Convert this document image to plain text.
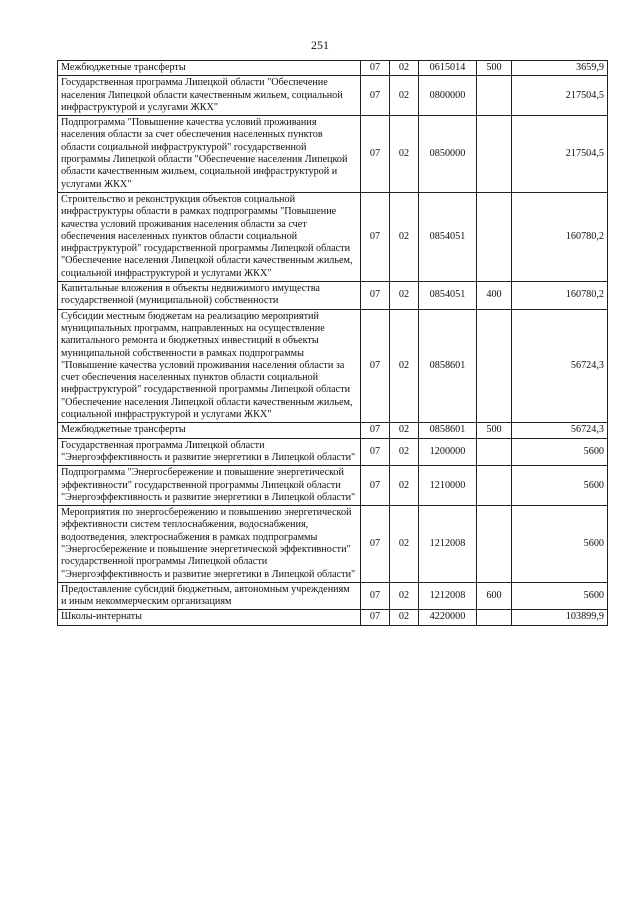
251
Межбюджетные трансферты	07	02	0615014	500	3659,9
Государственная программа Липецкой области "Обеспечение населения Липецкой области качественным жильем, социальной инфраструктурой и услугами ЖКХ"	07	02	0800000		217504,5
Подпрограмма "Повышение качества условий проживания населения области за счет обеспечения населенных пунктов области социальной инфраструктурой" государственной программы Липецкой области "Обеспечение населения Липецкой области качественным жильем, социальной инфраструктурой и услугами ЖКХ"	07	02	0850000		217504,5
Строительство и реконструкция объектов социальной инфраструктуры области в рамках подпрограммы "Повышение качества условий проживания населения области за счет обеспечения населенных пунктов области социальной инфраструктурой" государственной программы Липецкой области "Обеспечение населения Липецкой области качественным жильем, социальной инфраструктурой и услугами ЖКХ"	07	02	0854051		160780,2
Капитальные вложения в объекты недвижимого имущества государственной (муниципальной) собственности	07	02	0854051	400	160780,2
Субсидии местным бюджетам на реализацию мероприятий муниципальных программ, направленных на осуществление капитального ремонта и бюджетных инвестиций в объекты муниципальной собственности в рамках подпрограммы "Повышение качества условий проживания населения области за счет обеспечения населенных пунктов области социальной инфраструктурой" государственной программы Липецкой области "Обеспечение населения Липецкой области качественным жильем, социальной инфраструктурой и услугами ЖКХ"	07	02	0858601		56724,3
Межбюджетные трансферты	07	02	0858601	500	56724,3
Государственная программа Липецкой области "Энергоэффективность и развитие энергетики в Липецкой области"	07	02	1200000		5600
Подпрограмма "Энергосбережение и повышение энергетической эффективности" государственной программы Липецкой области "Энергоэффективность и развитие энергетики в Липецкой области"	07	02	1210000		5600
Мероприятия по энергосбережению и повышению энергетической эффективности систем теплоснабжения, водоснабжения, водоотведения, электроснабжения в рамках подпрограммы "Энергосбережение и повышение энергетической эффективности" государственной программы Липецкой области "Энергоэффективность и развитие энергетики в Липецкой области"	07	02	1212008		5600
Предоставление субсидий бюджетным, автономным учреждениям и иным некоммерческим организациям	07	02	1212008	600	5600
Школы-интернаты	07	02	4220000		103899,9
